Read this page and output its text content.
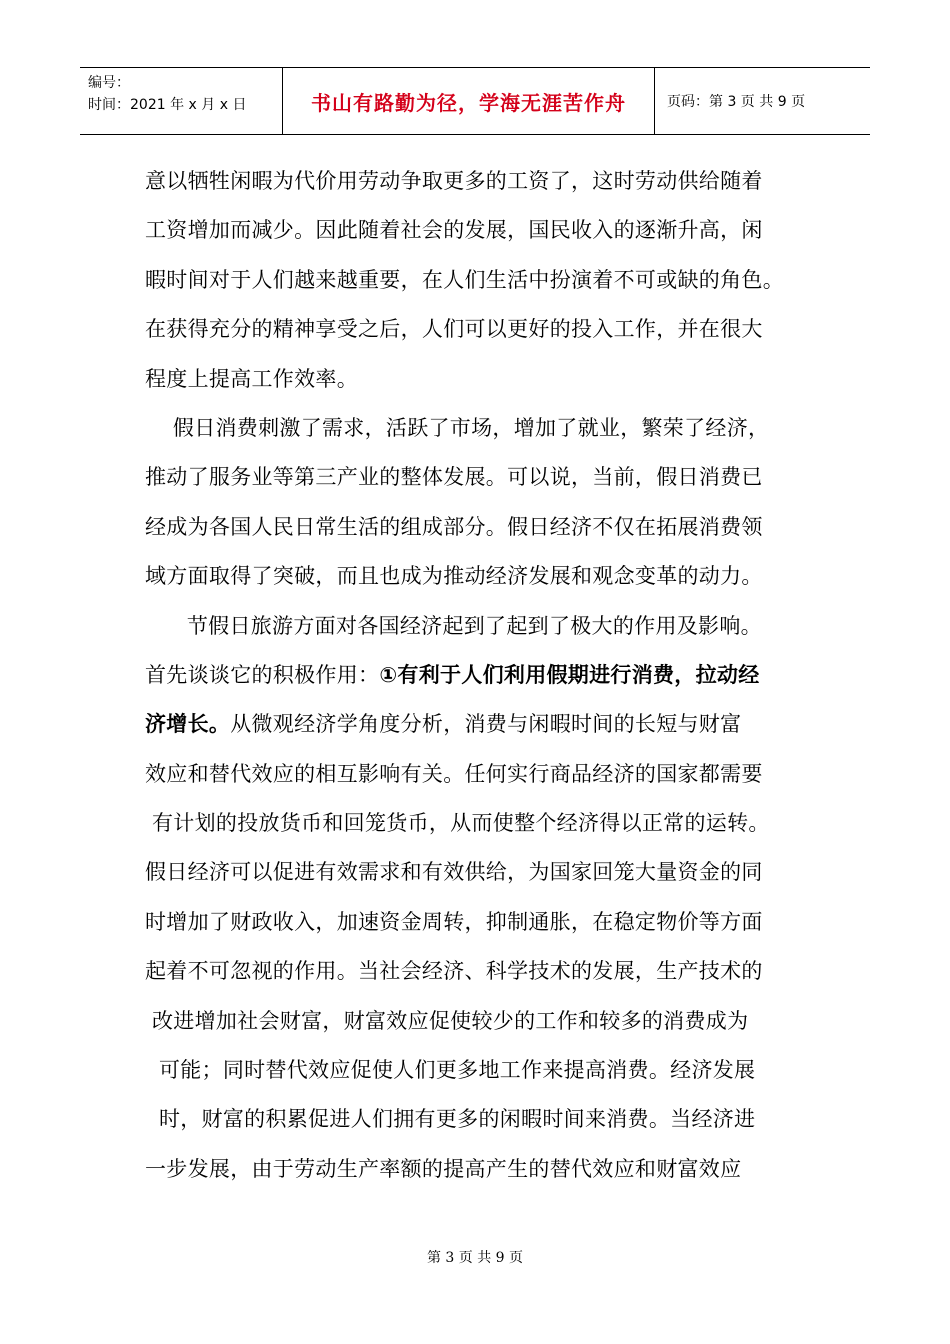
编号：
时间：2021 年 x 月 x 日	书山有路勤为径，学海无涯苦作舟	页码：第 3 页 共 9 页
意以牺牲闲暇为代价用劳动争取更多的工资了，这时劳动供给随着
工资增加而减少。因此随着社会的发展，国民收入的逐渐升高，闲
暇时间对于人们越来越重要，在人们生活中扮演着不可或缺的角色。
在获得充分的精神享受之后，人们可以更好的投入工作，并在很大
程度上提高工作效率。
假日消费刺激了需求，活跃了市场，增加了就业，繁荣了经济，
推动了服务业等第三产业的整体发展。可以说，当前，假日消费已
经成为各国人民日常生活的组成部分。假日经济不仅在拓展消费领
域方面取得了突破，而且也成为推动经济发展和观念变革的动力。
节假日旅游方面对各国经济起到了起到了极大的作用及影响。
首先谈谈它的积极作用：①有利于人们利用假期进行消费，拉动经
济增长。从微观经济学角度分析，消费与闲暇时间的长短与财富
效应和替代效应的相互影响有关。任何实行商品经济的国家都需要
有计划的投放货币和回笼货币，从而使整个经济得以正常的运转。
假日经济可以促进有效需求和有效供给，为国家回笼大量资金的同
时增加了财政收入，加速资金周转，抑制通胀，在稳定物价等方面
起着不可忽视的作用。当社会经济、科学技术的发展，生产技术的
改进增加社会财富，财富效应促使较少的工作和较多的消费成为
可能；同时替代效应促使人们更多地工作来提高消费。经济发展
时，财富的积累促进人们拥有更多的闲暇时间来消费。当经济进
一步发展，由于劳动生产率额的提高产生的替代效应和财富效应
第 3 页 共 9 页
